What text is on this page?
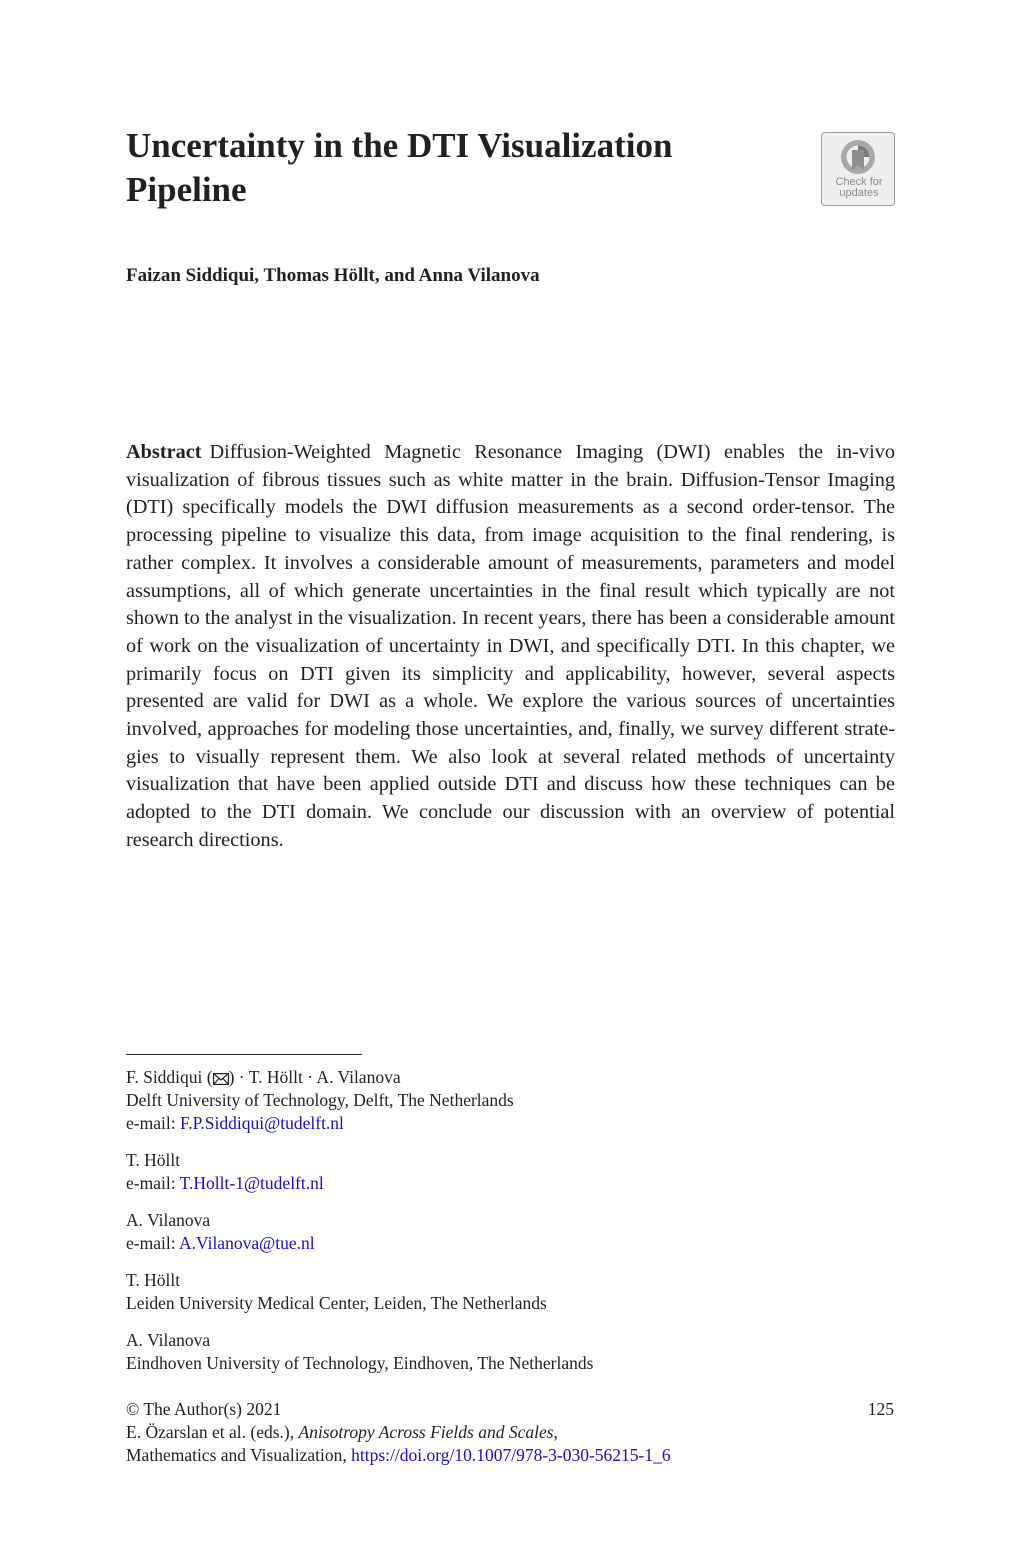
Uncertainty in the DTI Visualization
Pipeline	Check for
updates
Faizan Siddiqui, Thomas Höllt, and Anna Vilanova
Abstract Diffusion-Weighted Magnetic Resonance Imaging (DWI) enables the in-vivo visualization of fibrous tissues such as white matter in the brain. Diffusion-Tensor Imaging (DTI) specifically models the DWI diffusion measurements as a second order-tensor. The processing pipeline to visualize this data, from image acquisition to the final rendering, is rather complex. It involves a considerable amount of measurements, parameters and model assumptions, all of which generate uncertainties in the final result which typically are not shown to the analyst in the visualization. In recent years, there has been a considerable amount of work on the visualization of uncertainty in DWI, and specifically DTI. In this chapter, we primarily focus on DTI given its simplicity and applicability, however, several aspects presented are valid for DWI as a whole. We explore the various sources of uncertainties involved, approaches for modeling those uncertainties, and, finally, we survey different strategies to visually represent them. We also look at several related methods of uncertainty visualization that have been applied outside DTI and discuss how these techniques can be adopted to the DTI domain. We conclude our discussion with an overview of potential research directions.
F. Siddiqui ( ) · T. Höllt · A. Vilanova
Delft University of Technology, Delft, The Netherlands
e-mail: F.P.Siddiqui@tudelft.nl
T. Höllt
e-mail: T.Hollt-1@tudelft.nl
A. Vilanova
e-mail: A.Vilanova@tue.nl
T. Höllt
Leiden University Medical Center, Leiden, The Netherlands
A. Vilanova
Eindhoven University of Technology, Eindhoven, The Netherlands
© The Author(s) 2021
E. Özarslan et al. (eds.), Anisotropy Across Fields and Scales,
Mathematics and Visualization, https://doi.org/10.1007/978-3-030-56215-1_6
125
